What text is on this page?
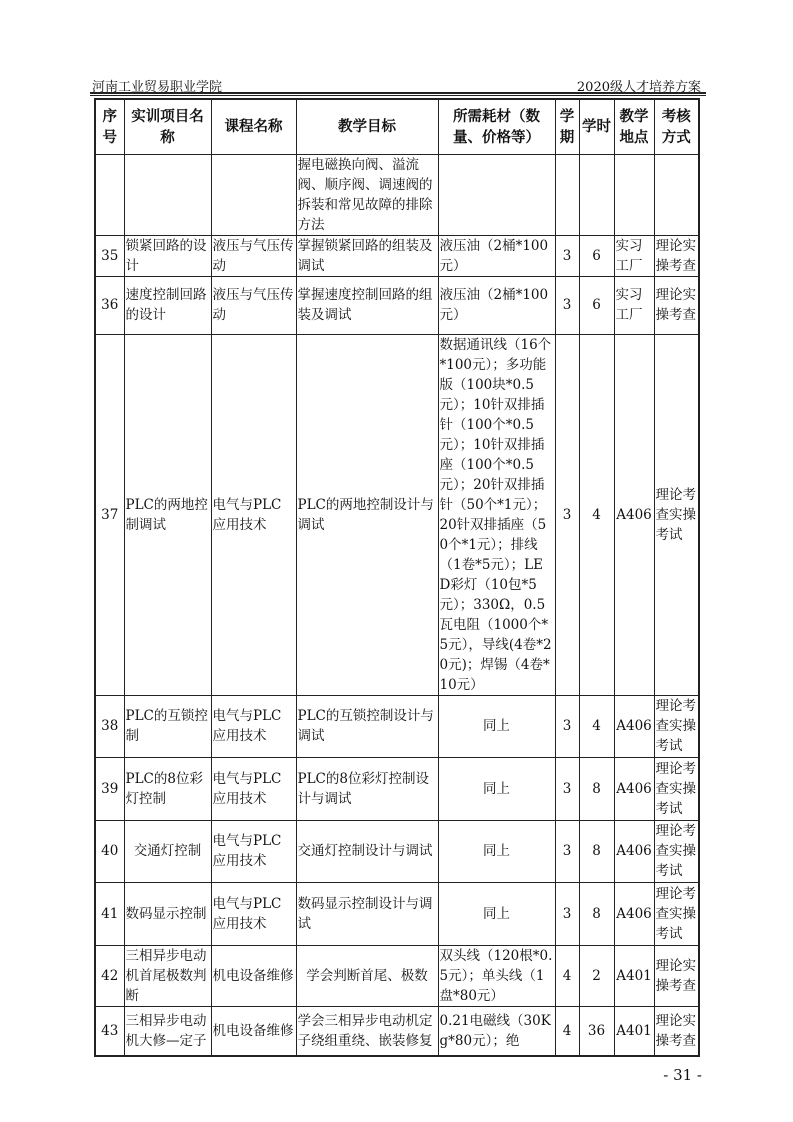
河南工业贸易职业学院	2020级人才培养方案
序号	实训项目名称	课程名称	教学目标	所需耗材（数量、价格等）	学期	学时	教学地点	考核方式
			握电磁换向阀、溢流阀、顺序阀、调速阀的拆装和常见故障的排除方法					
35	锁紧回路的设计	液压与气压传动	掌握锁紧回路的组装及调试	液压油（2桶*100元）	3	6	实习工厂	理论实操考查
36	速度控制回路的设计	液压与气压传动	掌握速度控制回路的组装及调试	液压油（2桶*100元）	3	6	实习工厂	理论实操考查
37	PLC的两地控制调试	电气与PLC应用技术	PLC的两地控制设计与调试	数据通讯线（16个*100元）；多功能版（100块*0.5元）；10针双排插针（100个*0.5元）；10针双排插座（100个*0.5元）；20针双排插针（50个*1元）；20针双排插座（50个*1元）；排线（1卷*5元）；LED彩灯（10包*5元）；330Ω，0.5瓦电阻（1000个*5元），导线(4卷*20元)；焊锡（4卷*10元）	3	4	A406	理论考查实操考试
38	PLC的互锁控制	电气与PLC应用技术	PLC的互锁控制设计与调试	同上	3	4	A406	理论考查实操考试
39	PLC的8位彩灯控制	电气与PLC应用技术	PLC的8位彩灯控制设计与调试	同上	3	8	A406	理论考查实操考试
40	交通灯控制	电气与PLC应用技术	交通灯控制设计与调试	同上	3	8	A406	理论考查实操考试
41	数码显示控制	电气与PLC应用技术	数码显示控制设计与调试	同上	3	8	A406	理论考查实操考试
42	三相异步电动机首尾极数判断	机电设备维修	学会判断首尾、极数	双头线（120根*0.5元）；单头线（1盘*80元）	4	2	A401	理论实操考查
43	三相异步电动机大修—定子	机电设备维修	学会三相异步电动机定子绕组重绕、嵌装修复	0.21电磁线（30Kg*80元）；绝	4	36	A401	理论实操考查
- 31 -
